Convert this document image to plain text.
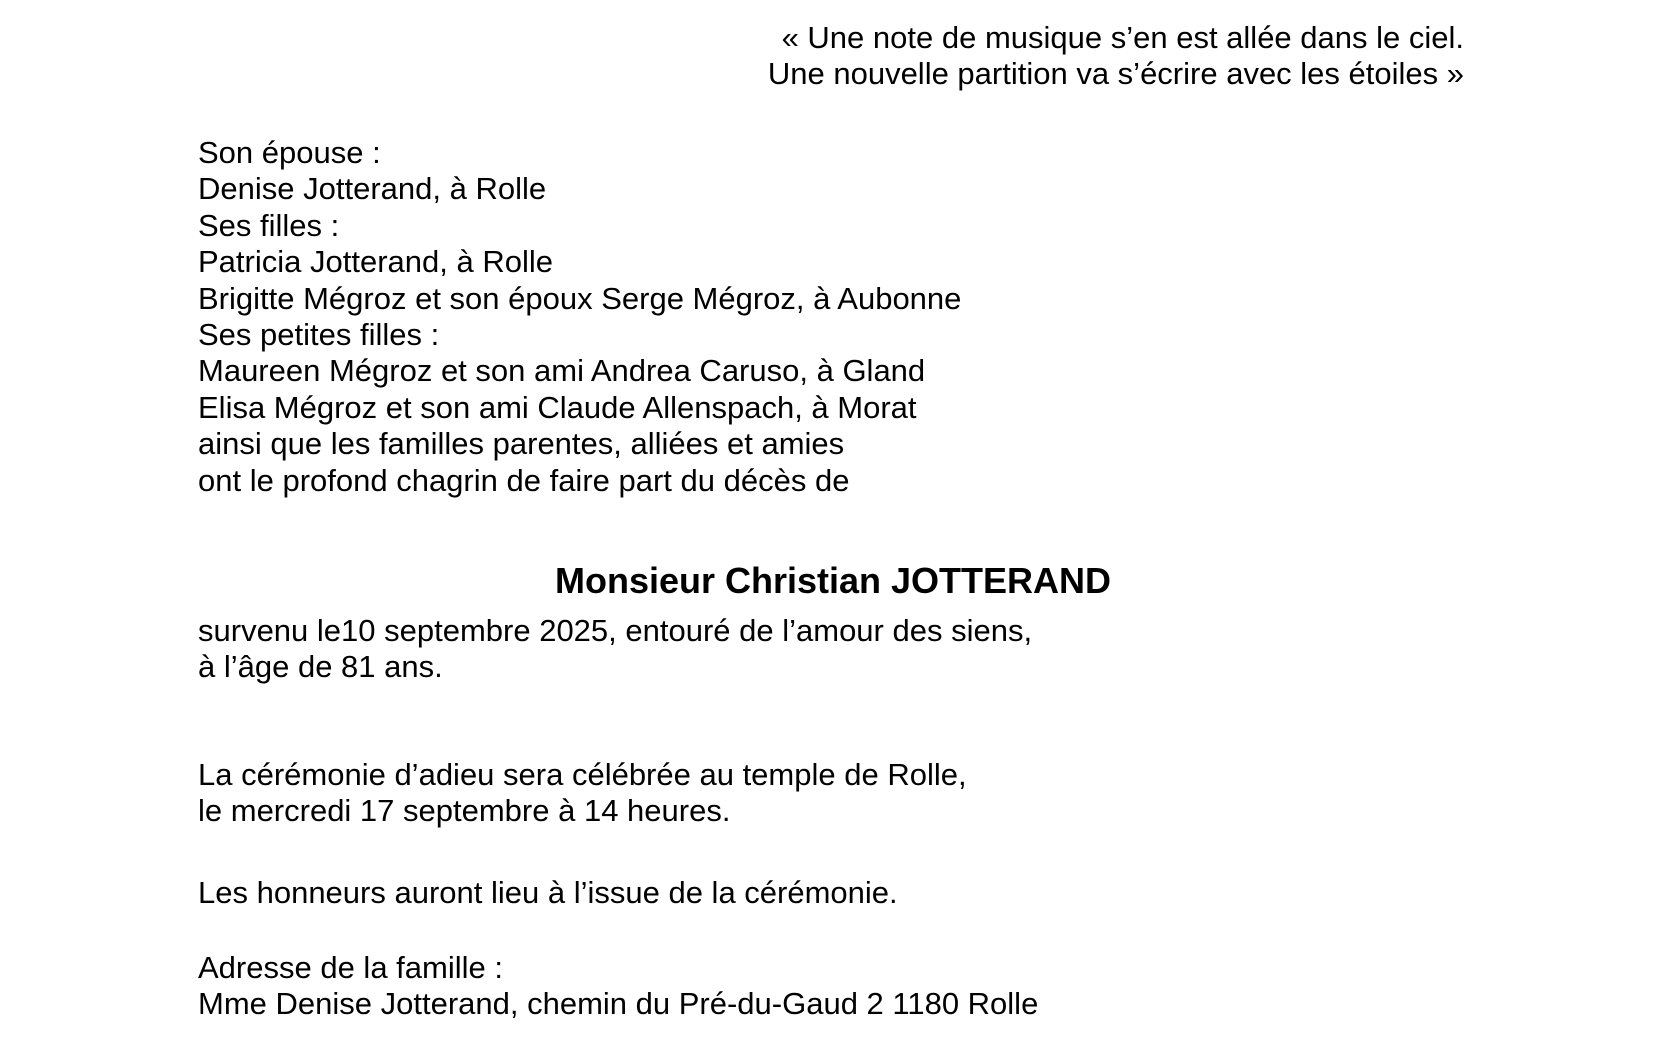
« Une note de musique s’en est allée dans le ciel.
Une nouvelle partition va s’écrire avec les étoiles »
Son épouse :
Denise Jotterand, à Rolle
Ses filles :
Patricia Jotterand, à Rolle
Brigitte Mégroz et son époux Serge Mégroz, à Aubonne
Ses petites filles :
Maureen Mégroz et son ami Andrea Caruso, à Gland
Elisa Mégroz et son ami Claude Allenspach, à Morat
ainsi que les familles parentes, alliées et amies
ont le profond chagrin de faire part du décès de
Monsieur Christian JOTTERAND
survenu le10 septembre 2025, entouré de l’amour des siens,
à l’âge de 81 ans.
La cérémonie d’adieu sera célébrée au temple de Rolle,
le mercredi 17 septembre à 14 heures.
Les honneurs auront lieu à l’issue de la cérémonie.
Adresse de la famille :
Mme Denise Jotterand, chemin du Pré-du-Gaud 2 1180 Rolle
